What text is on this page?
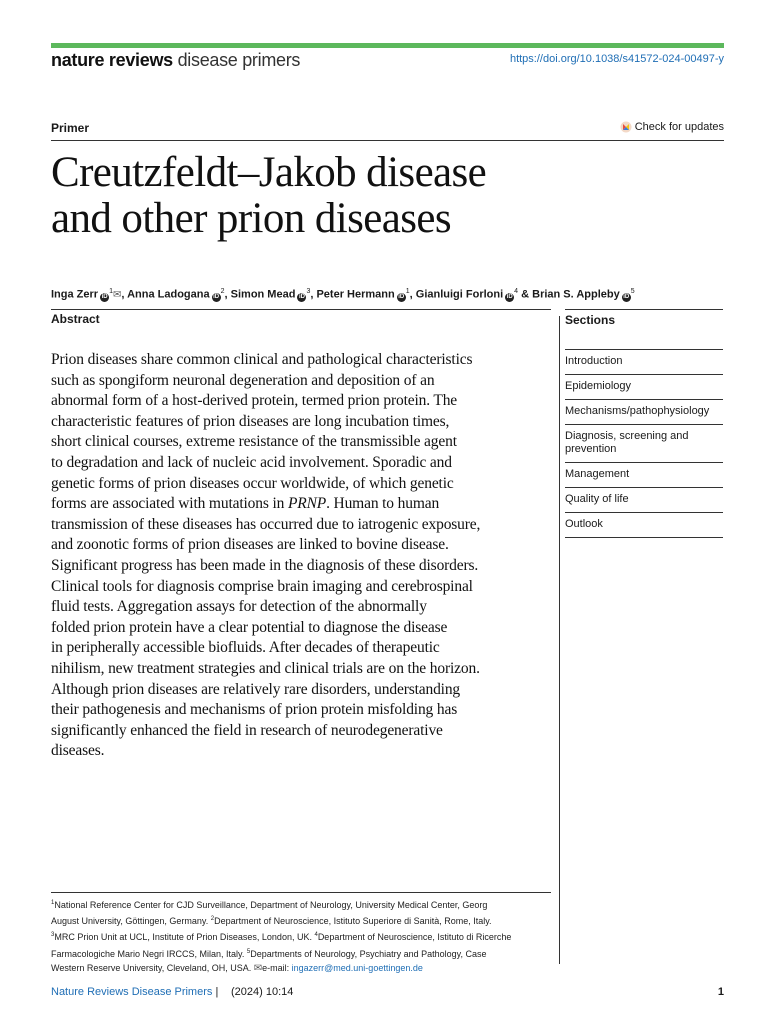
nature reviews disease primers	https://doi.org/10.1038/s41572-024-00497-y
Primer	Check for updates
Creutzfeldt–Jakob disease
and other prion diseases
Inga Zerr $iD^1✉$, Anna Ladogana $iD^2$, Simon Mead $iD^3$, Peter Hermann $iD^1$, Gianluigi Forloni $iD^4$ & Brian S. Appleby $iD^5$
Abstract	Sections
Introduction
Epidemiology
Mechanisms/pathophysiology
Diagnosis, screening and prevention
Management
Quality of life
Outlook

Prion diseases share common clinical and pathological characteristics

such as spongiform neuronal degeneration and deposition of an

abnormal form of a host-derived protein, termed prion protein. The

characteristic features of prion diseases are long incubation times,

short clinical courses, extreme resistance of the transmissible agent

to degradation and lack of nucleic acid involvement. Sporadic and

genetic forms of prion diseases occur worldwide, of which genetic

forms are associated with mutations in PRNP. Human to human

transmission of these diseases has occurred due to iatrogenic exposure,

and zoonotic forms of prion diseases are linked to bovine disease.

Significant progress has been made in the diagnosis of these disorders.

Clinical tools for diagnosis comprise brain imaging and cerebrospinal

fluid tests. Aggregation assays for detection of the abnormally

folded prion protein have a clear potential to diagnose the disease

in peripherally accessible biofluids. After decades of therapeutic

nihilism, new treatment strategies and clinical trials are on the horizon.

Although prion diseases are relatively rare disorders, understanding

their pathogenesis and mechanisms of prion protein misfolding has

significantly enhanced the field in research of neurodegenerative

diseases.

$^1$National Reference Center for CJD Surveillance, Department of Neurology, University Medical Center, Georg

August University, Göttingen, Germany. $^2$Department of Neuroscience, Istituto Superiore di Sanità, Rome, Italy.

$^3$MRC Prion Unit at UCL, Institute of Prion Diseases, London, UK. $^4$Department of Neuroscience, Istituto di Ricerche

Farmacologiche Mario Negri IRCCS, Milan, Italy. $^5$Departments of Neurology, Psychiatry and Pathology, Case

Western Reserve University, Cleveland, OH, USA. ✉e-mail: ingazerr@med.uni-goettingen.de

Nature Reviews Disease Primers | (2024) 10:14	1
